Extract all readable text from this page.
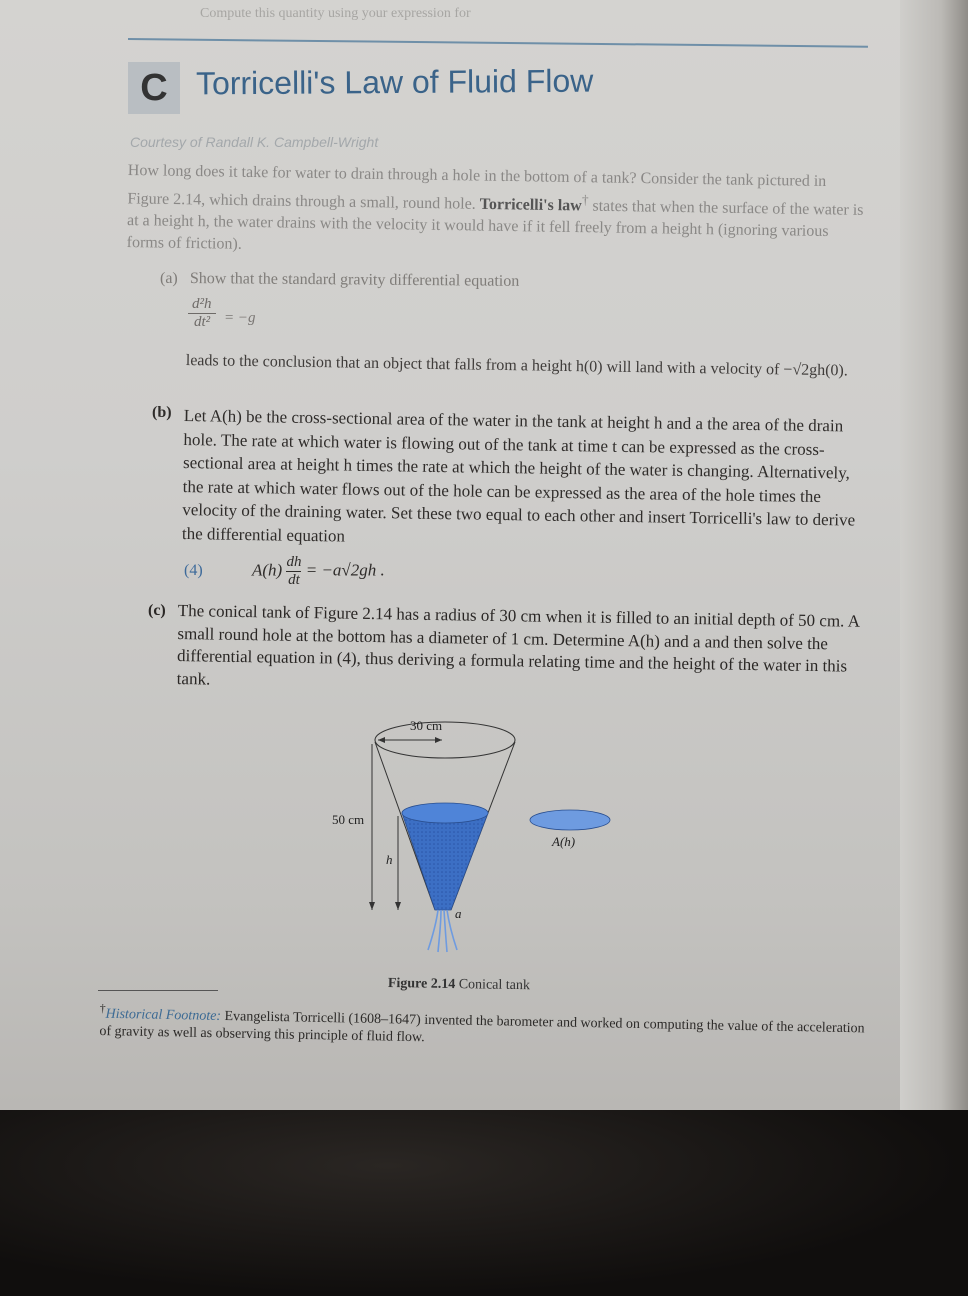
Compute this quantity using your expression for
C Torricelli's Law of Fluid Flow
Courtesy of Randall K. Campbell-Wright
How long does it take for water to drain through a hole in the bottom of a tank? Consider the tank pictured in Figure 2.14, which drains through a small, round hole. Torricelli's law† states that when the surface of the water is at a height h, the water drains with the velocity it would have if it fell freely from a height h (ignoring various forms of friction).
(a) Show that the standard gravity differential equation
$\frac{\text{d²h}}{\text{dt²}} = -g$
leads to the conclusion that an object that falls from a height h(0) will land with a velocity of −√2gh(0).
(b) Let A(h) be the cross-sectional area of the water in the tank at height h and a the area of the drain hole. The rate at which water is flowing out of the tank at time t can be expressed as the cross-sectional area at height h times the rate at which the height of the water is changing. Alternatively, the rate at which water flows out of the hole can be expressed as the area of the hole times the velocity of the draining water. Set these two equal to each other and insert Torricelli's law to derive the differential equation
(4)	$A(h) \frac{dh}{dt} = -a√2gh$ .
(c) The conical tank of Figure 2.14 has a radius of 30 cm when it is filled to an initial depth of 50 cm. A small round hole at the bottom has a diameter of 1 cm. Determine A(h) and a and then solve the differential equation in (4), thus deriving a formula relating time and the height of the water in this tank.
30 cm
50 cm
h
a
A(h)
Figure 2.14 Conical tank
†Historical Footnote: Evangelista Torricelli (1608–1647) invented the barometer and worked on computing the value of the acceleration of gravity as well as observing this principle of fluid flow.
